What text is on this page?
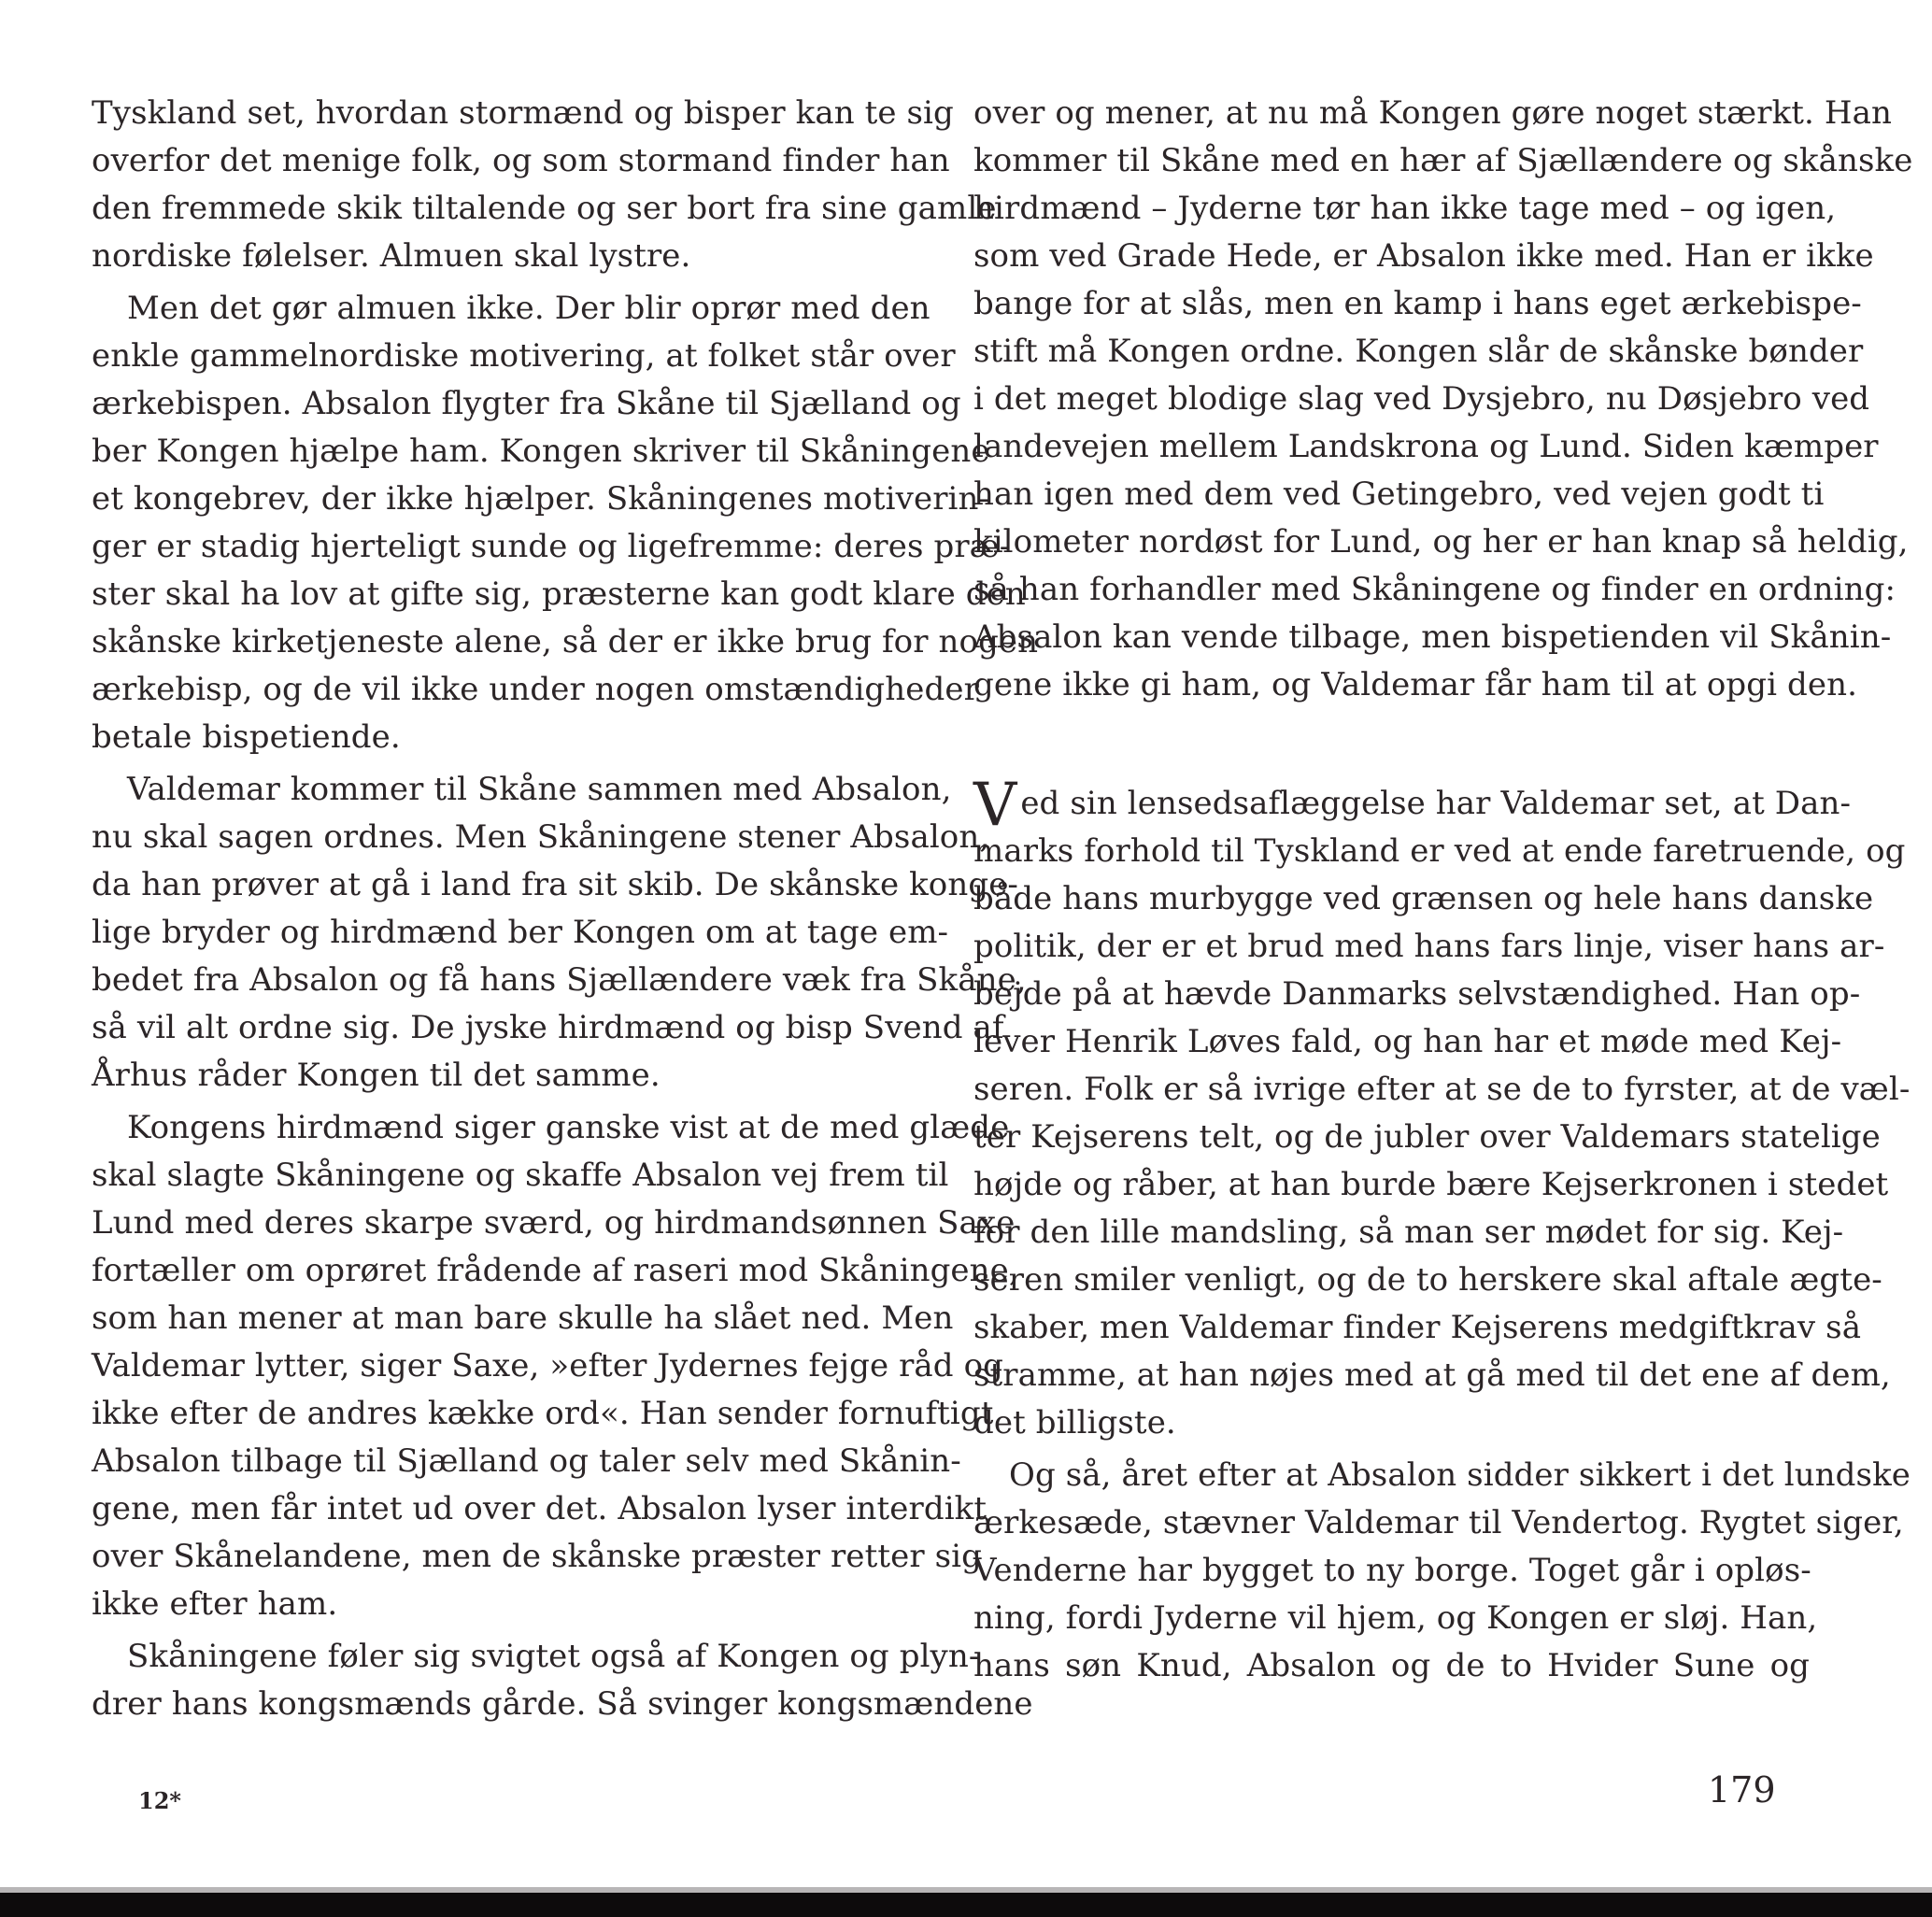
Tyskland set, hvordan stormænd og bisper kan te sig
overfor det menige folk, og som stormand finder han
den fremmede skik tiltalende og ser bort fra sine gamle
nordiske følelser. Almuen skal lystre.
Men det gør almuen ikke. Der blir oprør med den
enkle gammelnordiske motivering, at folket står over
ærkebispen. Absalon flygter fra Skåne til Sjælland og
ber Kongen hjælpe ham. Kongen skriver til Skåningene
et kongebrev, der ikke hjælper. Skåningenes motiverin-
ger er stadig hjerteligt sunde og ligefremme: deres præ-
ster skal ha lov at gifte sig, præsterne kan godt klare den
skånske kirketjeneste alene, så der er ikke brug for nogen
ærkebisp, og de vil ikke under nogen omstændigheder
betale bispetiende.
Valdemar kommer til Skåne sammen med Absalon,
nu skal sagen ordnes. Men Skåningene stener Absalon,
da han prøver at gå i land fra sit skib. De skånske konge-
lige bryder og hirdmænd ber Kongen om at tage em-
bedet fra Absalon og få hans Sjællændere væk fra Skåne,
så vil alt ordne sig. De jyske hirdmænd og bisp Svend af
Århus råder Kongen til det samme.
Kongens hirdmænd siger ganske vist at de med glæde
skal slagte Skåningene og skaffe Absalon vej frem til
Lund med deres skarpe sværd, og hirdmandsønnen Saxe
fortæller om oprøret frådende af raseri mod Skåningene,
som han mener at man bare skulle ha slået ned. Men
Valdemar lytter, siger Saxe, »efter Jydernes fejge råd og
ikke efter de andres kække ord«. Han sender fornuftigt
Absalon tilbage til Sjælland og taler selv med Skånin-
gene, men får intet ud over det. Absalon lyser interdikt
over Skånelandene, men de skånske præster retter sig
ikke efter ham.
Skåningene føler sig svigtet også af Kongen og plyn-
drer hans kongsmænds gårde. Så svinger kongsmændene
over og mener, at nu må Kongen gøre noget stærkt. Han
kommer til Skåne med en hær af Sjællændere og skånske
hirdmænd – Jyderne tør han ikke tage med – og igen,
som ved Grade Hede, er Absalon ikke med. Han er ikke
bange for at slås, men en kamp i hans eget ærkebispe-
stift må Kongen ordne. Kongen slår de skånske bønder
i det meget blodige slag ved Dysjebro, nu Døsjebro ved
landevejen mellem Landskrona og Lund. Siden kæmper
han igen med dem ved Getingebro, ved vejen godt ti
kilometer nordøst for Lund, og her er han knap så heldig,
så han forhandler med Skåningene og finder en ordning:
Absalon kan vende tilbage, men bispetienden vil Skånin-
gene ikke gi ham, og Valdemar får ham til at opgi den.
Ved sin lensedsaflæggelse har Valdemar set, at Dan-
marks forhold til Tyskland er ved at ende faretruende, og
både hans murbygge ved grænsen og hele hans danske
politik, der er et brud med hans fars linje, viser hans ar-
bejde på at hævde Danmarks selvstændighed. Han op-
lever Henrik Løves fald, og han har et møde med Kej-
seren. Folk er så ivrige efter at se de to fyrster, at de væl-
ter Kejserens telt, og de jubler over Valdemars statelige
højde og råber, at han burde bære Kejserkronen i stedet
for den lille mandsling, så man ser mødet for sig. Kej-
seren smiler venligt, og de to herskere skal aftale ægte-
skaber, men Valdemar finder Kejserens medgiftkrav så
stramme, at han nøjes med at gå med til det ene af dem,
det billigste.
Og så, året efter at Absalon sidder sikkert i det lundske
ærkesæde, stævner Valdemar til Vendertog. Rygtet siger,
Venderne har bygget to ny borge. Toget går i opløs-
ning, fordi Jyderne vil hjem, og Kongen er sløj. Han,
hans søn Knud, Absalon og de to Hvider Sune og
12*	179
